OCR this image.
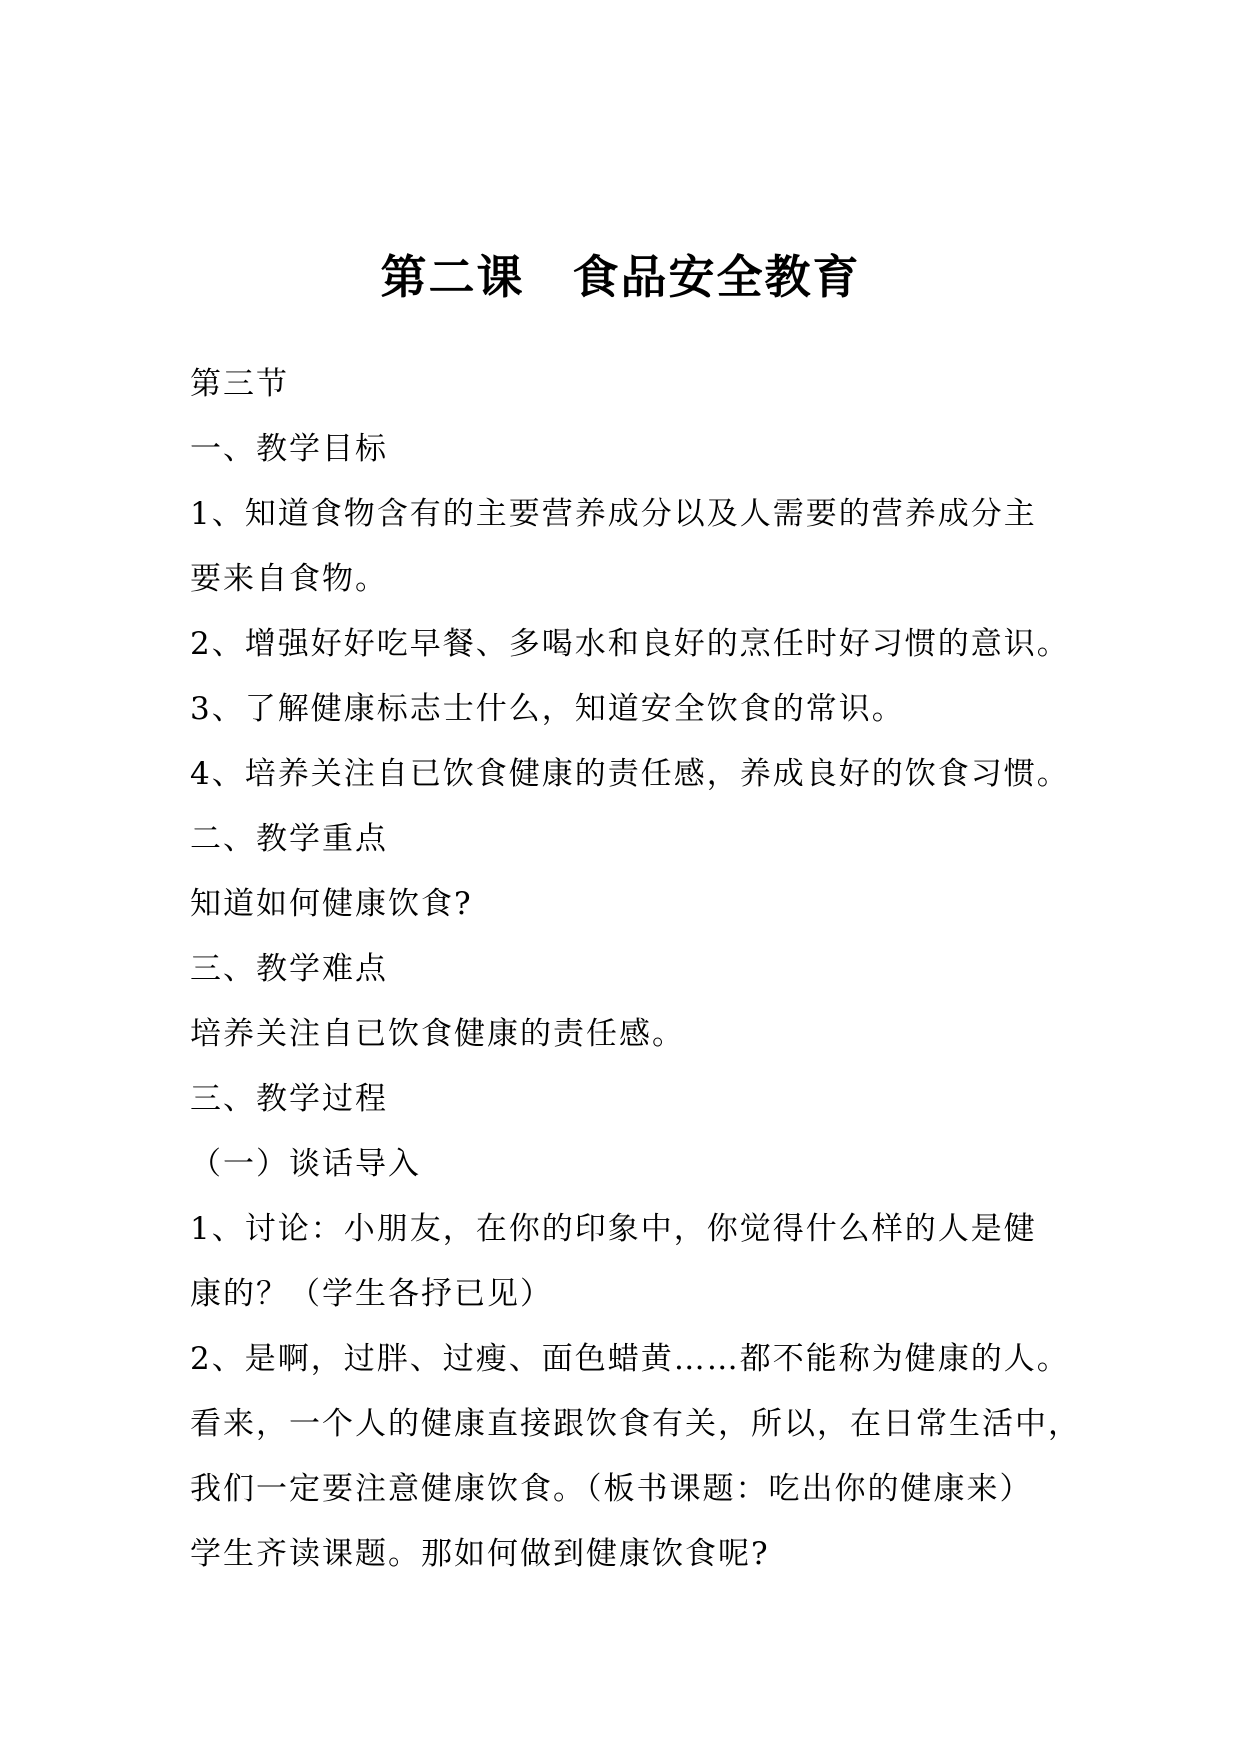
第二课　食品安全教育

第三节

一、教学目标

1、知道食物含有的主要营养成分以及人需要的营养成分主

要来自食物。

2、增强好好吃早餐、多喝水和良好的烹任时好习惯的意识。

3、了解健康标志士什么，知道安全饮食的常识。

4、培养关注自已饮食健康的责任感，养成良好的饮食习惯。

二、教学重点

知道如何健康饮食?

三、教学难点

培养关注自已饮食健康的责任感。

三、教学过程

（一）谈话导入

1、讨论：小朋友，在你的印象中，你觉得什么样的人是健

康的？（学生各抒已见）

2、是啊，过胖、过瘦、面色蜡黄……都不能称为健康的人。

看来，一个人的健康直接跟饮食有关，所以，在日常生活中，

我们一定要注意健康饮食。（板书课题：吃出你的健康来）

学生齐读课题。那如何做到健康饮食呢?
